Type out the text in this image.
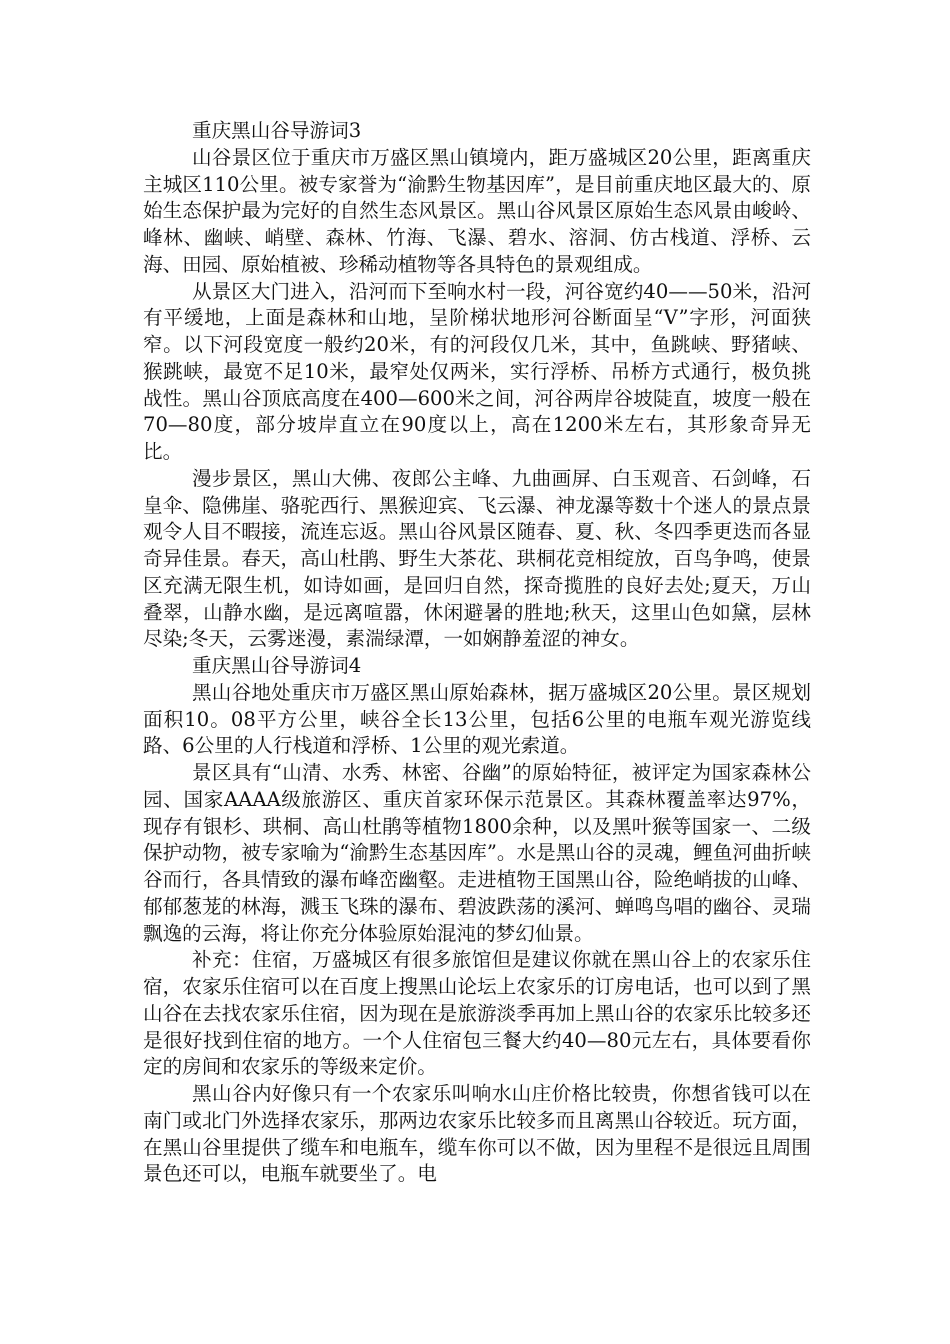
重庆黑山谷导游词3

山谷景区位于重庆市万盛区黑山镇境内，距万盛城区20公里，距离重庆主城区110公里。被专家誉为“渝黔生物基因库”，是目前重庆地区最大的、原始生态保护最为完好的自然生态风景区。黑山谷风景区原始生态风景由峻岭、峰林、幽峡、峭壁、森林、竹海、飞瀑、碧水、溶洞、仿古栈道、浮桥、云海、田园、原始植被、珍稀动植物等各具特色的景观组成。

从景区大门进入，沿河而下至响水村一段，河谷宽约40——50米，沿河有平缓地，上面是森林和山地，呈阶梯状地形河谷断面呈“V”字形，河面狭窄。以下河段宽度一般约20米，有的河段仅几米，其中，鱼跳峡、野猪峡、猴跳峡，最宽不足10米，最窄处仅两米，实行浮桥、吊桥方式通行，极负挑战性。黑山谷顶底高度在400—600米之间，河谷两岸谷坡陡直，坡度一般在70—80度，部分坡岸直立在90度以上，高在1200米左右，其形象奇异无比。

漫步景区，黑山大佛、夜郎公主峰、九曲画屏、白玉观音、石剑峰，石皇伞、隐佛崖、骆驼西行、黑猴迎宾、飞云瀑、神龙瀑等数十个迷人的景点景观令人目不暇接，流连忘返。黑山谷风景区随春、夏、秋、冬四季更迭而各显奇异佳景。春天，高山杜鹃、野生大茶花、珙桐花竞相绽放，百鸟争鸣，使景区充满无限生机，如诗如画，是回归自然，探奇揽胜的良好去处;夏天，万山叠翠，山静水幽，是远离喧嚣，休闲避暑的胜地;秋天，这里山色如黛，层林尽染;冬天，云雾迷漫，素湍绿潭，一如娴静羞涩的神女。

重庆黑山谷导游词4

黑山谷地处重庆市万盛区黑山原始森林，据万盛城区20公里。景区规划面积10。08平方公里，峡谷全长13公里，包括6公里的电瓶车观光游览线路、6公里的人行栈道和浮桥、1公里的观光索道。

景区具有“山清、水秀、林密、谷幽”的原始特征，被评定为国家森林公园、国家AAAA级旅游区、重庆首家环保示范景区。其森林覆盖率达97%，现存有银杉、珙桐、高山杜鹃等植物1800余种，以及黑叶猴等国家一、二级保护动物，被专家喻为“渝黔生态基因库”。水是黑山谷的灵魂，鲤鱼河曲折峡谷而行，各具情致的瀑布峰峦幽壑。走进植物王国黑山谷，险绝峭拔的山峰、郁郁葱茏的林海，溅玉飞珠的瀑布、碧波跌荡的溪河、蝉鸣鸟唱的幽谷、灵瑞飘逸的云海，将让你充分体验原始混沌的梦幻仙景。

补充：住宿，万盛城区有很多旅馆但是建议你就在黑山谷上的农家乐住宿，农家乐住宿可以在百度上搜黑山论坛上农家乐的订房电话，也可以到了黑山谷在去找农家乐住宿，因为现在是旅游淡季再加上黑山谷的农家乐比较多还是很好找到住宿的地方。一个人住宿包三餐大约40—80元左右，具体要看你定的房间和农家乐的等级来定价。

黑山谷内好像只有一个农家乐叫响水山庄价格比较贵，你想省钱可以在南门或北门外选择农家乐，那两边农家乐比较多而且离黑山谷较近。玩方面，在黑山谷里提供了缆车和电瓶车，缆车你可以不做，因为里程不是很远且周围景色还可以，电瓶车就要坐了。电
